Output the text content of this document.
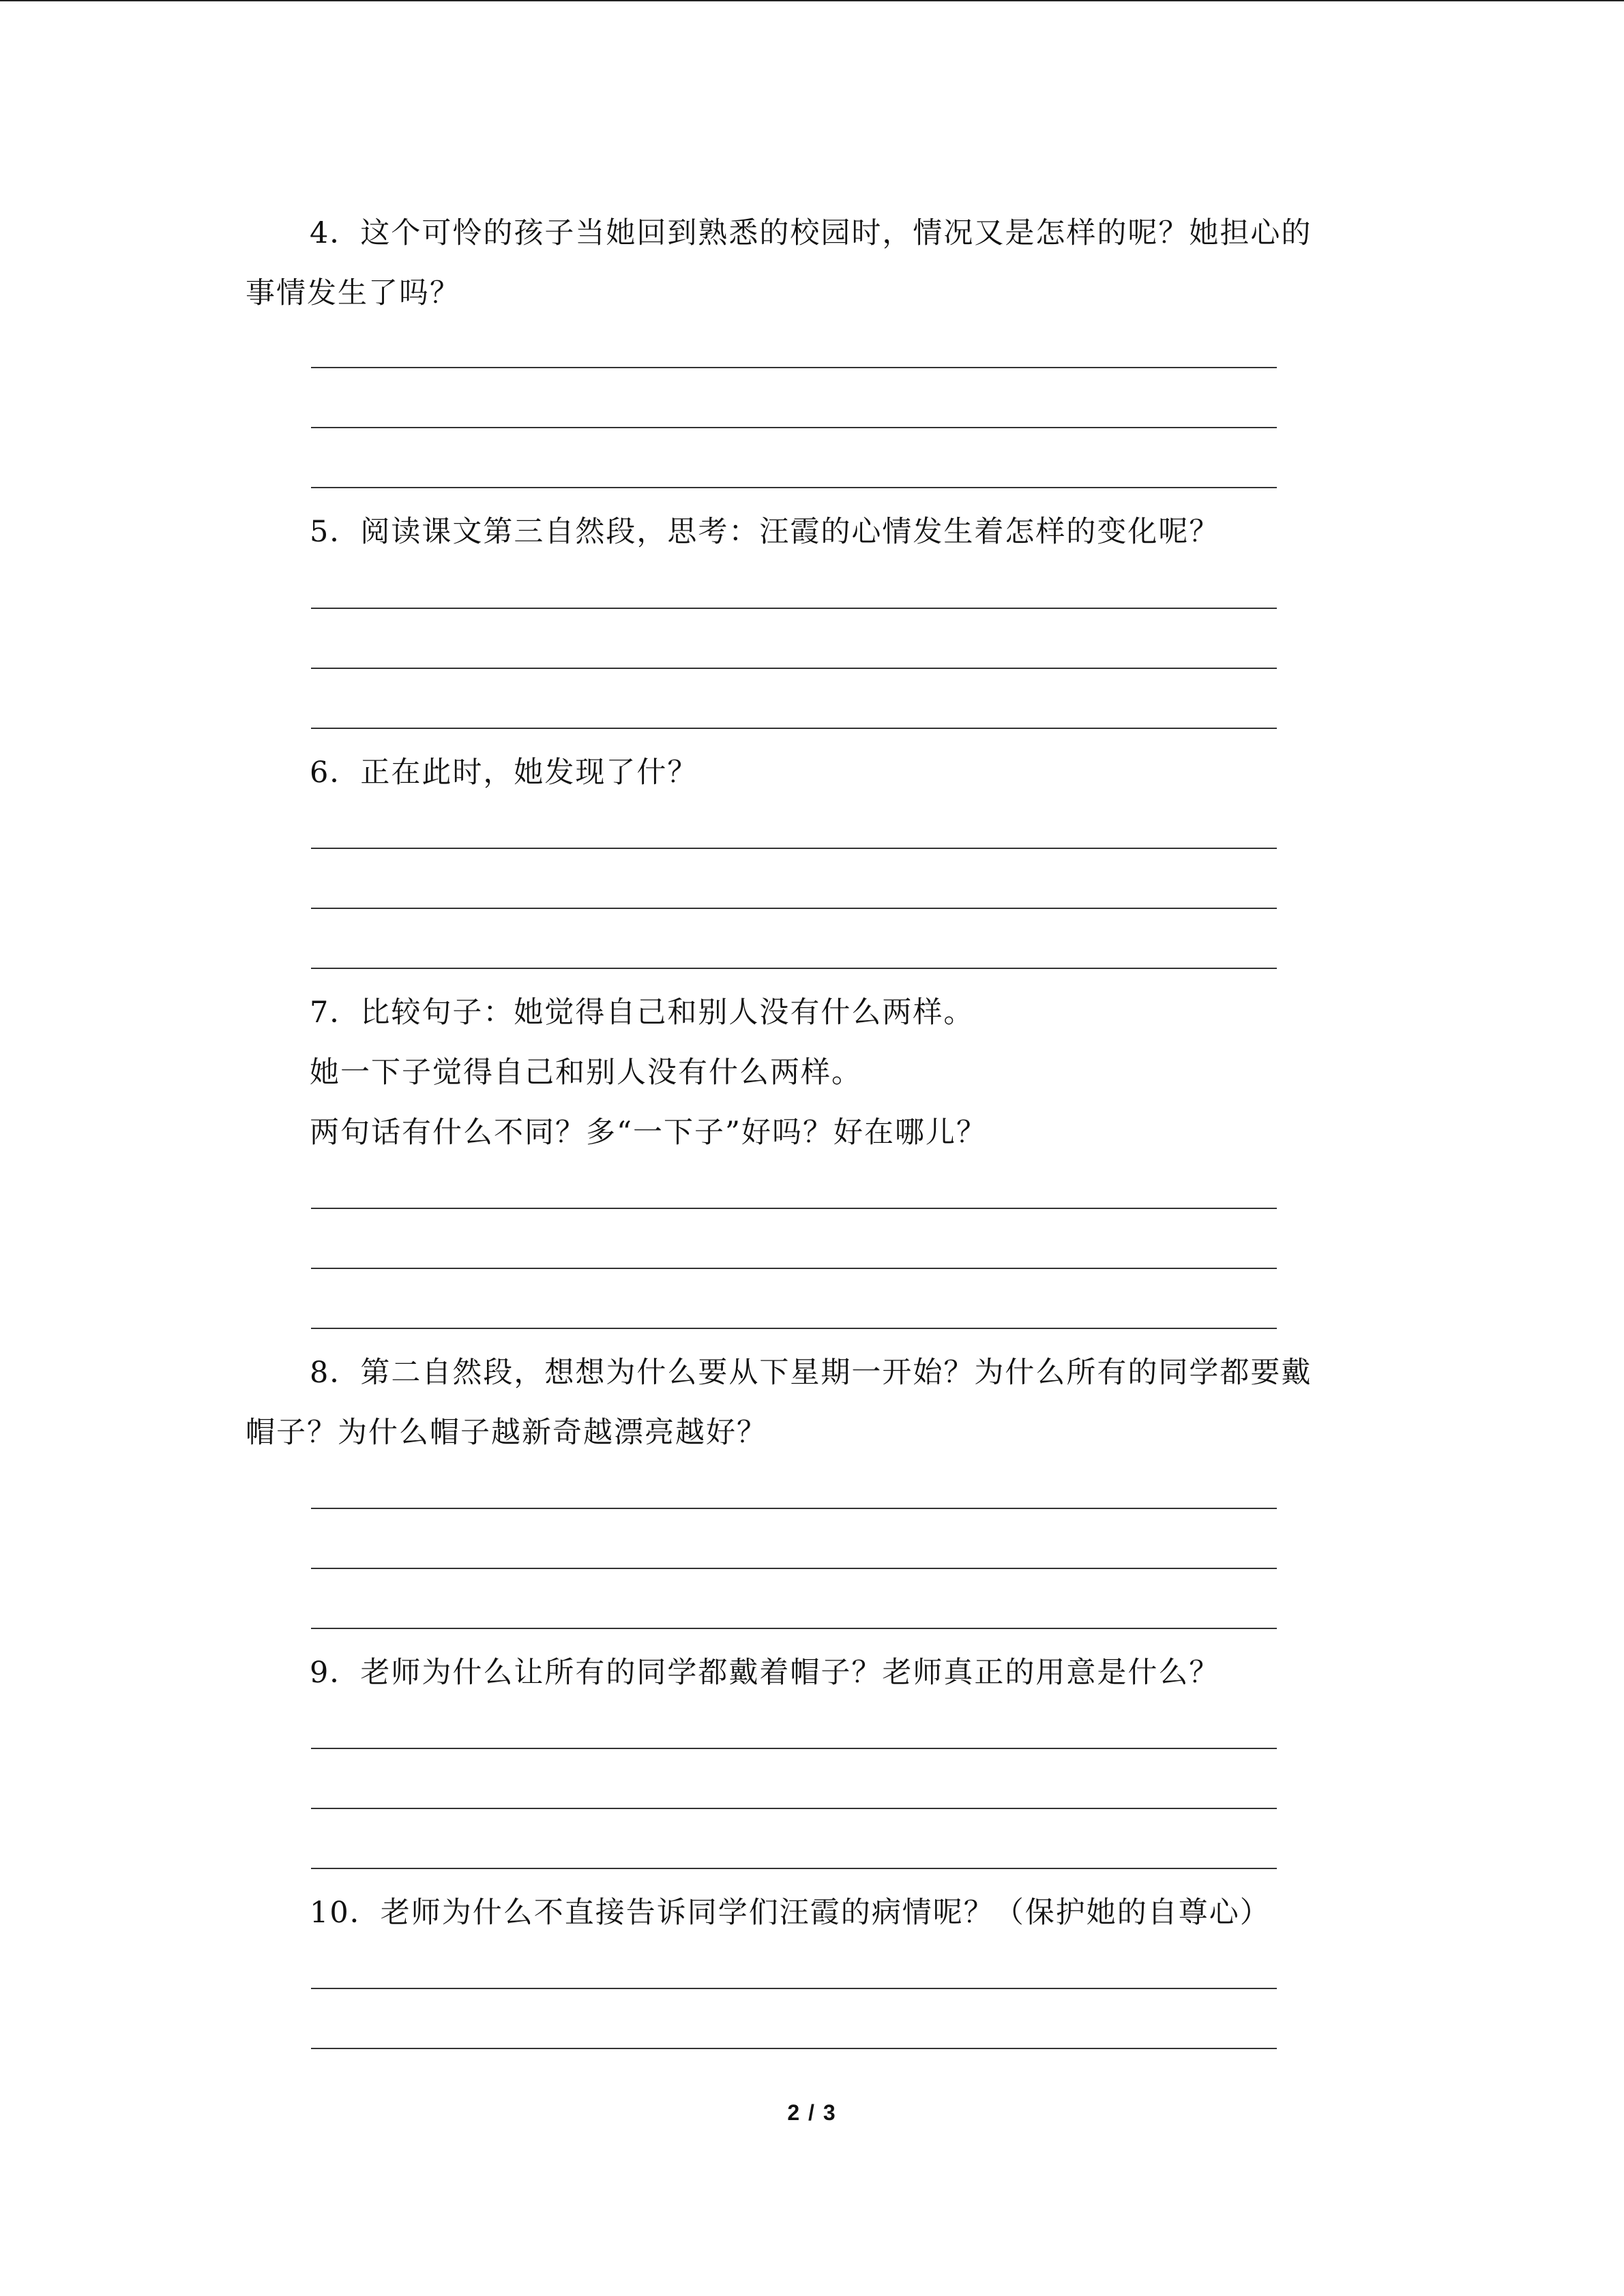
4．这个可怜的孩子当她回到熟悉的校园时，情况又是怎样的呢？她担心的
事情发生了吗？
5．阅读课文第三自然段，思考：汪霞的心情发生着怎样的变化呢？
6．正在此时，她发现了什？
7．比较句子：她觉得自己和别人没有什么两样。
她一下子觉得自己和别人没有什么两样。
两句话有什么不同？多“一下子”好吗？好在哪儿？
8．第二自然段，想想为什么要从下星期一开始？为什么所有的同学都要戴
帽子？为什么帽子越新奇越漂亮越好？
9．老师为什么让所有的同学都戴着帽子？老师真正的用意是什么？
10．老师为什么不直接告诉同学们汪霞的病情呢？（保护她的自尊心）
2 / 3
